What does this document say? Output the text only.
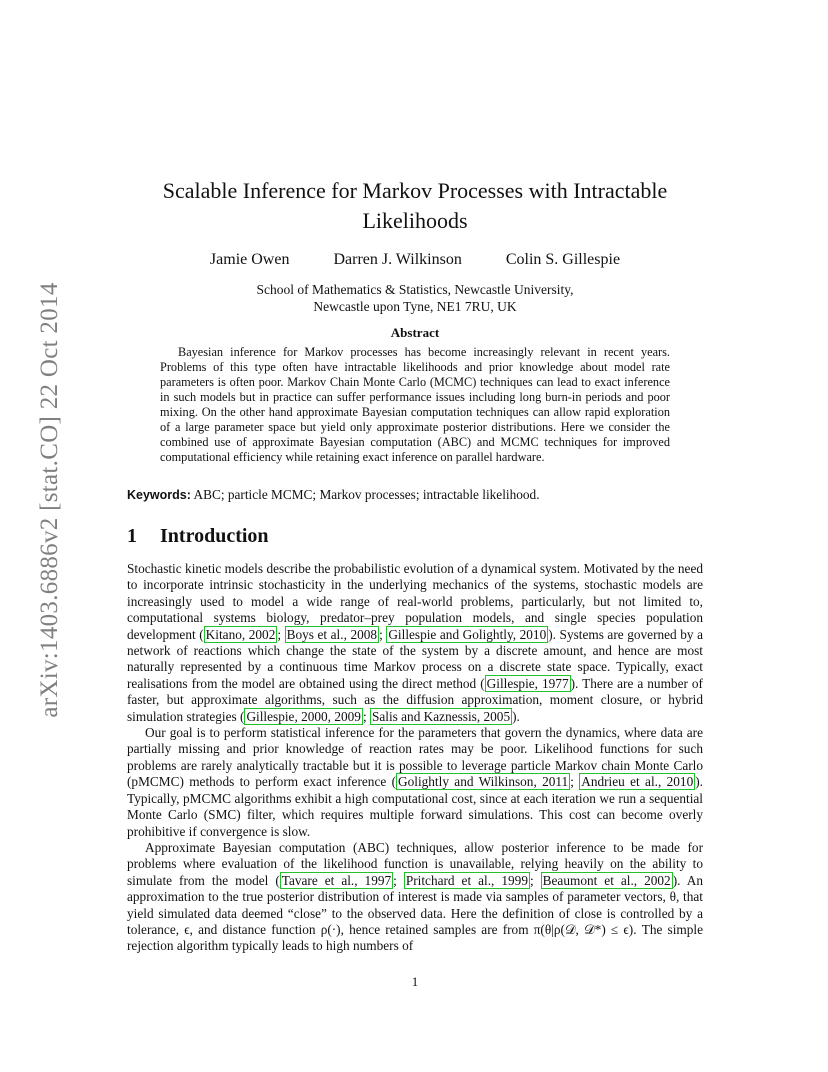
arXiv:1403.6886v2 [stat.CO] 22 Oct 2014
Scalable Inference for Markov Processes with Intractable
Likelihoods
Jamie Owen	Darren J. Wilkinson	Colin S. Gillespie
School of Mathematics & Statistics, Newcastle University,
Newcastle upon Tyne, NE1 7RU, UK
Abstract

Bayesian inference for Markov processes has become increasingly relevant in recent years. Problems of this type often have intractable likelihoods and prior knowledge about model rate parameters is often poor. Markov Chain Monte Carlo (MCMC) techniques can lead to exact inference in such models but in practice can suffer performance issues including long burn-in periods and poor mixing. On the other hand approximate Bayesian computation techniques can allow rapid exploration of a large parameter space but yield only approximate posterior distributions. Here we consider the combined use of approximate Bayesian computation (ABC) and MCMC techniques for improved computational efficiency while retaining exact inference on parallel hardware.

Keywords: ABC; particle MCMC; Markov processes; intractable likelihood.

1 Introduction

Stochastic kinetic models describe the probabilistic evolution of a dynamical system. Motivated by the need to incorporate intrinsic stochasticity in the underlying mechanics of the systems, stochastic models are increasingly used to model a wide range of real-world problems, particularly, but not limited to, computational systems biology, predator–prey population models, and single species population development ( Kitano, 2002 ; Boys et al., 2008 ; Gillespie and Golightly, 2010 ). Systems are governed by a network of reactions which change the state of the system by a discrete amount, and hence are most naturally represented by a continuous time Markov process on a discrete state space. Typically, exact realisations from the model are obtained using the direct method ( Gillespie, 1977 ). There are a number of faster, but approximate algorithms, such as the diffusion approximation, moment closure, or hybrid simulation strategies ( Gillespie, 2000, 2009 ; Salis and Kaznessis, 2005 ).

Our goal is to perform statistical inference for the parameters that govern the dynamics, where data are partially missing and prior knowledge of reaction rates may be poor. Likelihood functions for such problems are rarely analytically tractable but it is possible to leverage particle Markov chain Monte Carlo (pMCMC) methods to perform exact inference ( Golightly and Wilkinson, 2011 ; Andrieu et al., 2010 ). Typically, pMCMC algorithms exhibit a high computational cost, since at each iteration we run a sequential Monte Carlo (SMC) filter, which requires multiple forward simulations. This cost can become overly prohibitive if convergence is slow.

Approximate Bayesian computation (ABC) techniques, allow posterior inference to be made for problems where evaluation of the likelihood function is unavailable, relying heavily on the ability to simulate from the model ( Tavare et al., 1997 ; Pritchard et al., 1999 ; Beaumont et al., 2002 ). An approximation to the true posterior distribution of interest is made via samples of parameter vectors, θ, that yield simulated data deemed “close” to the observed data. Here the definition of close is controlled by a tolerance, ϵ, and distance function ρ(·), hence retained samples are from π(θ|ρ(𝒟, 𝒟*) ≤ ϵ). The simple rejection algorithm typically leads to high numbers of

1
